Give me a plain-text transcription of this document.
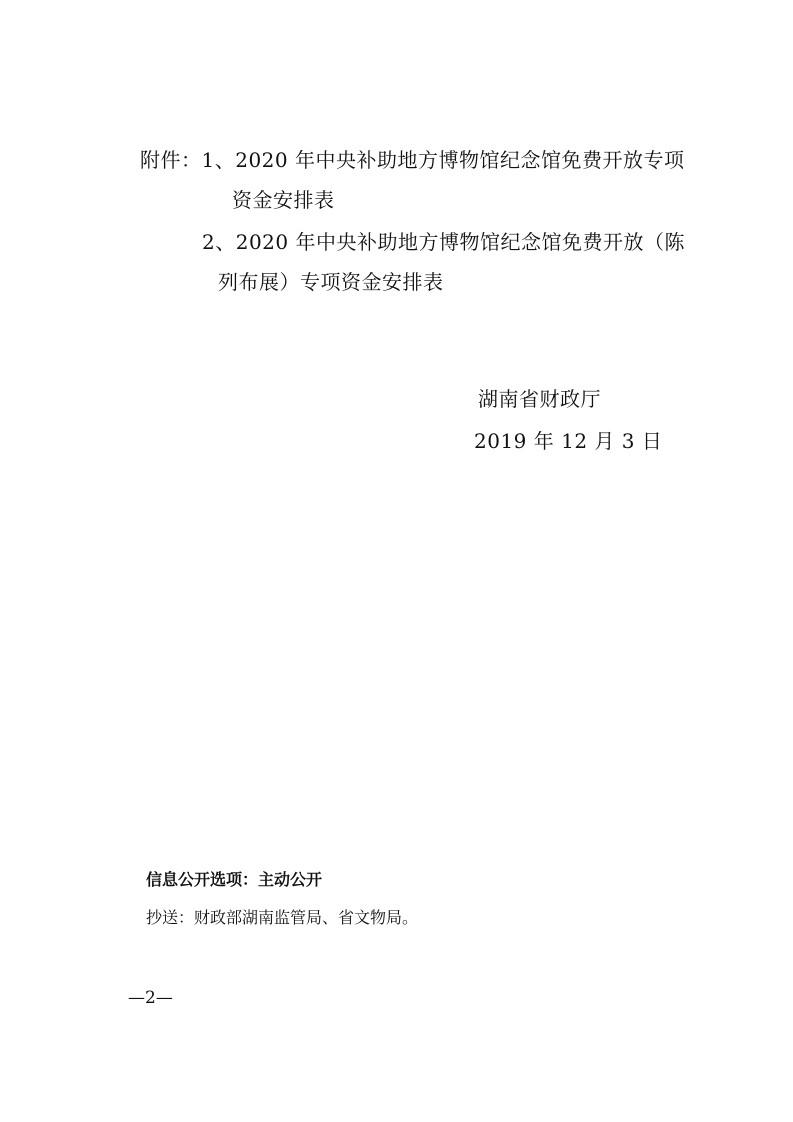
附件：1、2020 年中央补助地方博物馆纪念馆免费开放专项
资金安排表
2、2020 年中央补助地方博物馆纪念馆免费开放（陈
列布展）专项资金安排表
湖南省财政厅
2019 年 12 月 3 日
信息公开选项：主动公开
抄送：财政部湖南监管局、省文物局。
—2—
